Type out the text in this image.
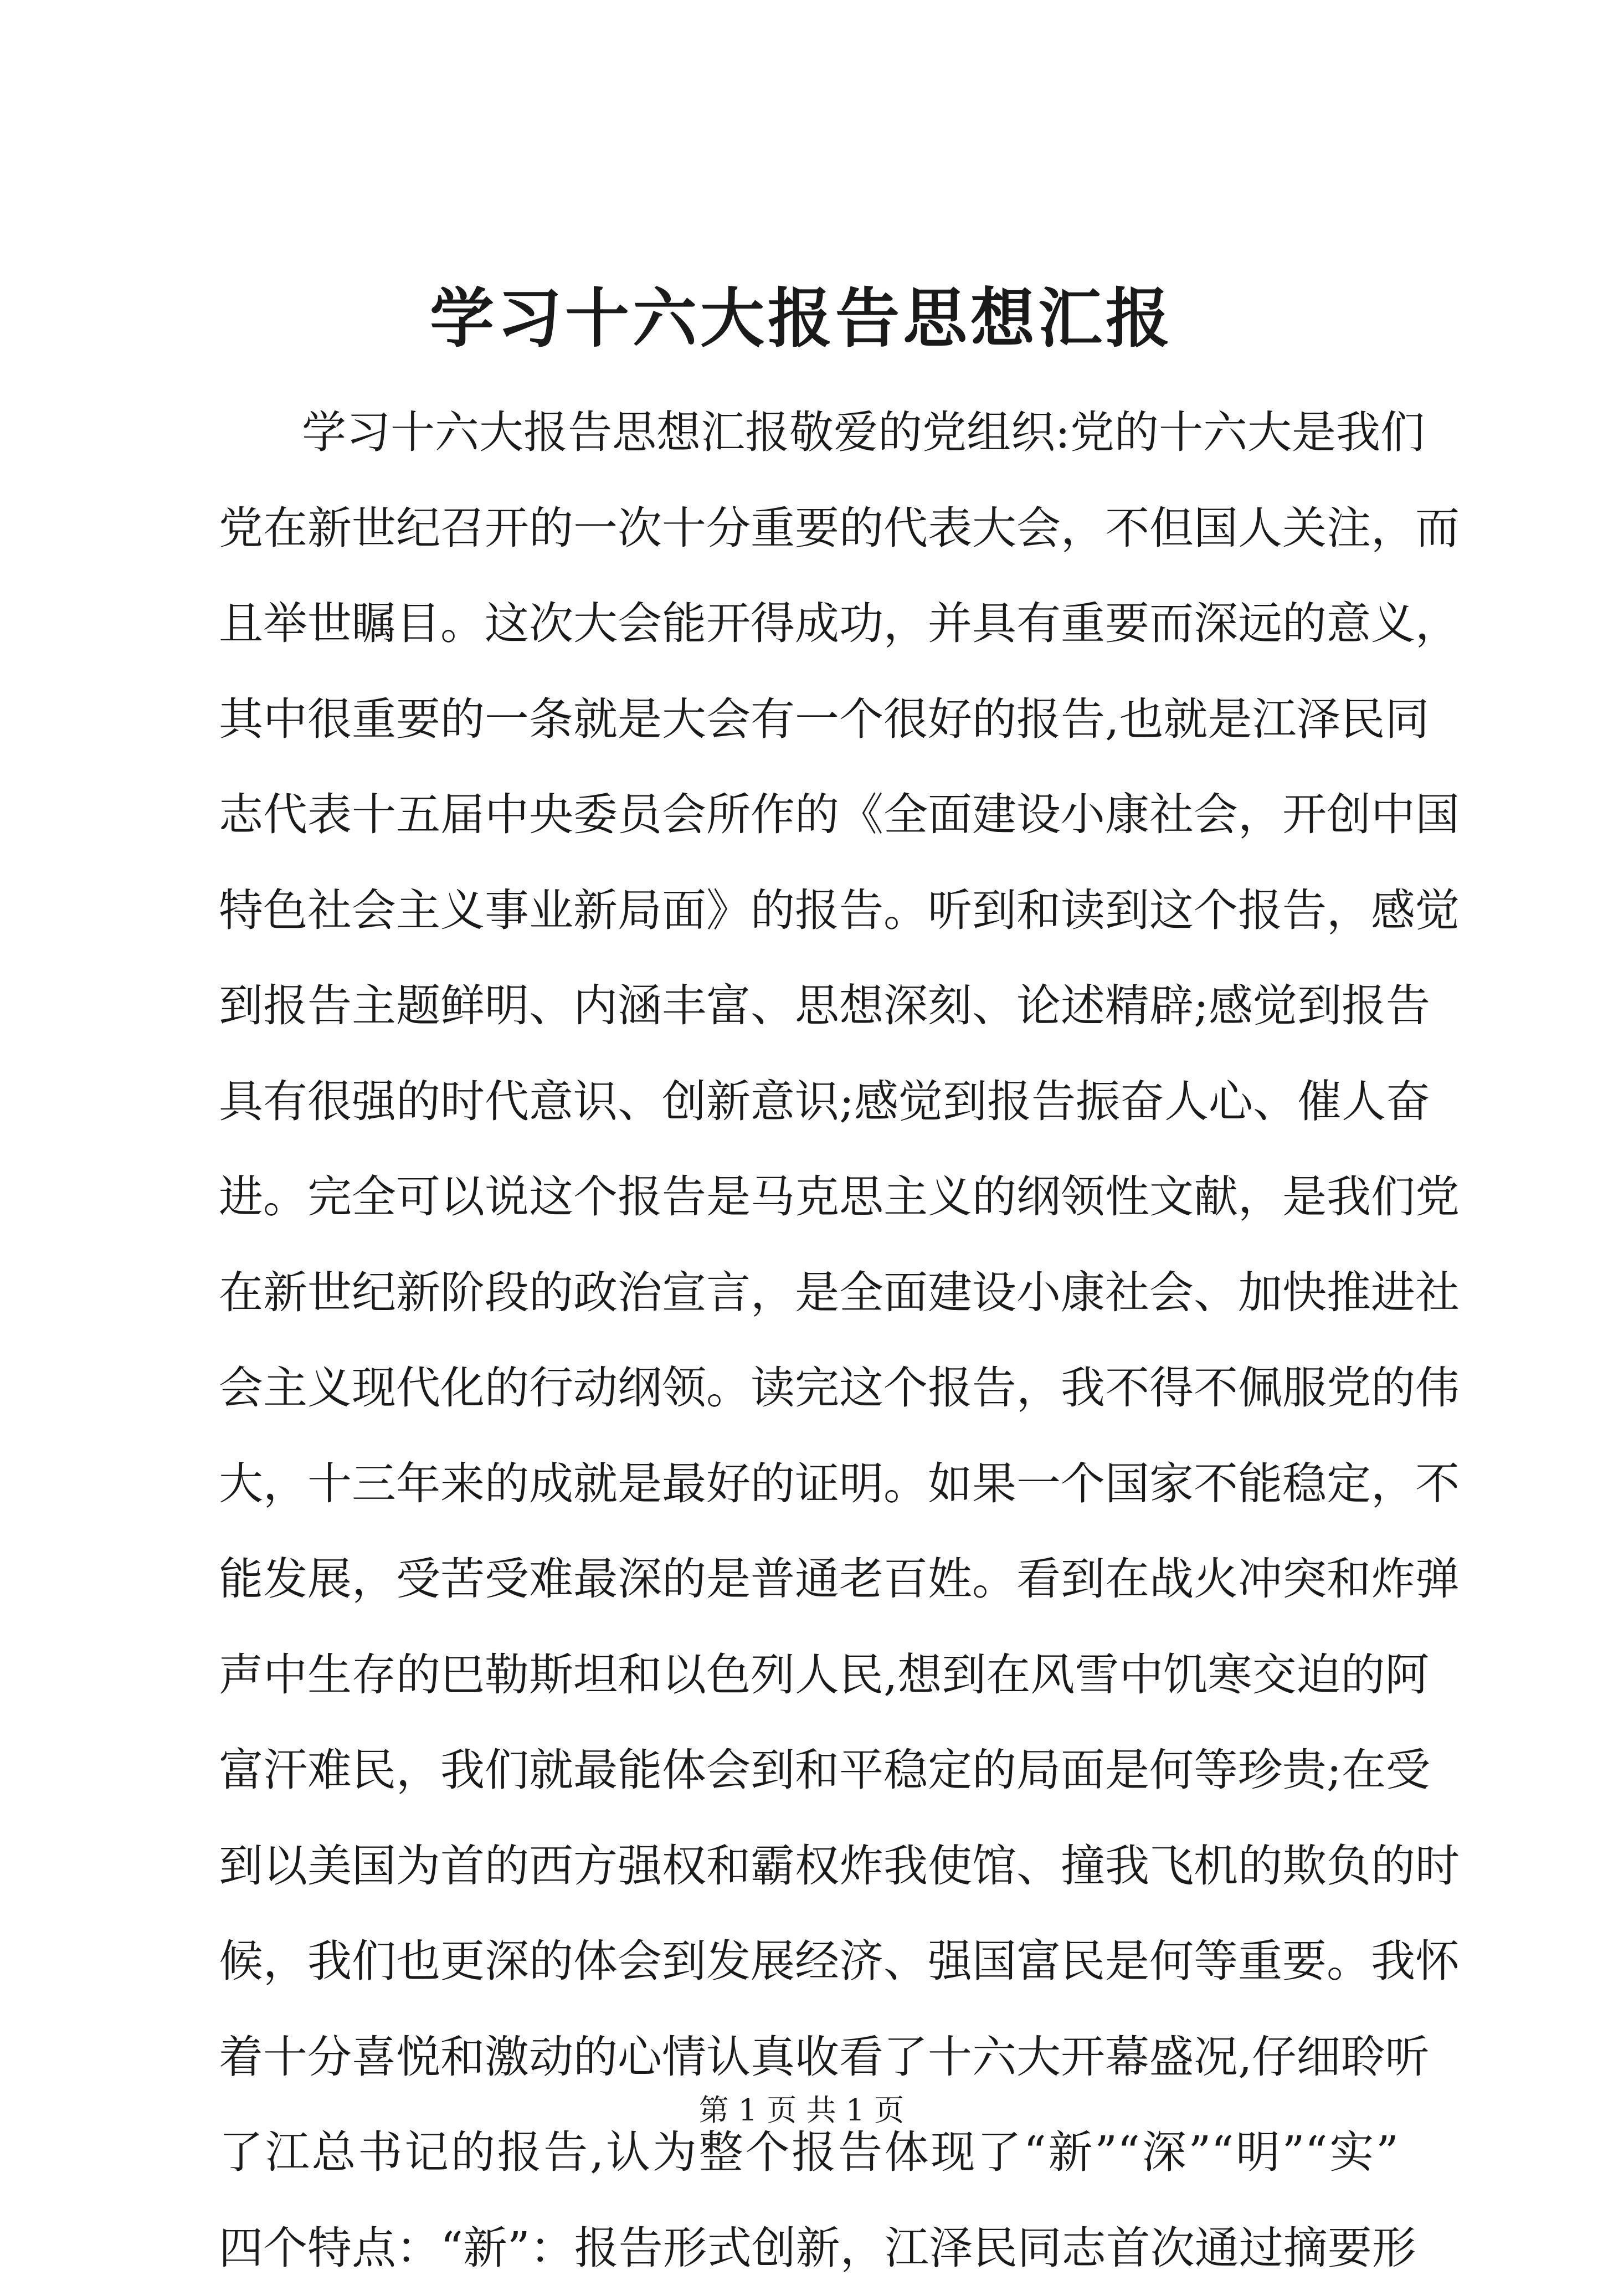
学习十六大报告思想汇报
学习十六大报告思想汇报敬爱的党组织:党的十六大是我们
党在新世纪召开的一次十分重要的代表大会，不但国人关注，而
且举世瞩目。这次大会能开得成功，并具有重要而深远的意义，
其中很重要的一条就是大会有一个很好的报告,也就是江泽民同
志代表十五届中央委员会所作的《全面建设小康社会，开创中国
特色社会主义事业新局面》的报告。听到和读到这个报告，感觉
到报告主题鲜明、内涵丰富、思想深刻、论述精辟;感觉到报告
具有很强的时代意识、创新意识;感觉到报告振奋人心、催人奋
进。完全可以说这个报告是马克思主义的纲领性文献，是我们党
在新世纪新阶段的政治宣言，是全面建设小康社会、加快推进社
会主义现代化的行动纲领。读完这个报告，我不得不佩服党的伟
大，十三年来的成就是最好的证明。如果一个国家不能稳定，不
能发展，受苦受难最深的是普通老百姓。看到在战火冲突和炸弹
声中生存的巴勒斯坦和以色列人民,想到在风雪中饥寒交迫的阿
富汗难民，我们就最能体会到和平稳定的局面是何等珍贵;在受
到以美国为首的西方强权和霸权炸我使馆、撞我飞机的欺负的时
候，我们也更深的体会到发展经济、强国富民是何等重要。我怀
着十分喜悦和激动的心情认真收看了十六大开幕盛况,仔细聆听
了江总书记的报告,认为整个报告体现了“新”“深”“明”“实”
四个特点：“新”：报告形式创新，江泽民同志首次通过摘要形
第 1 页 共 1 页
